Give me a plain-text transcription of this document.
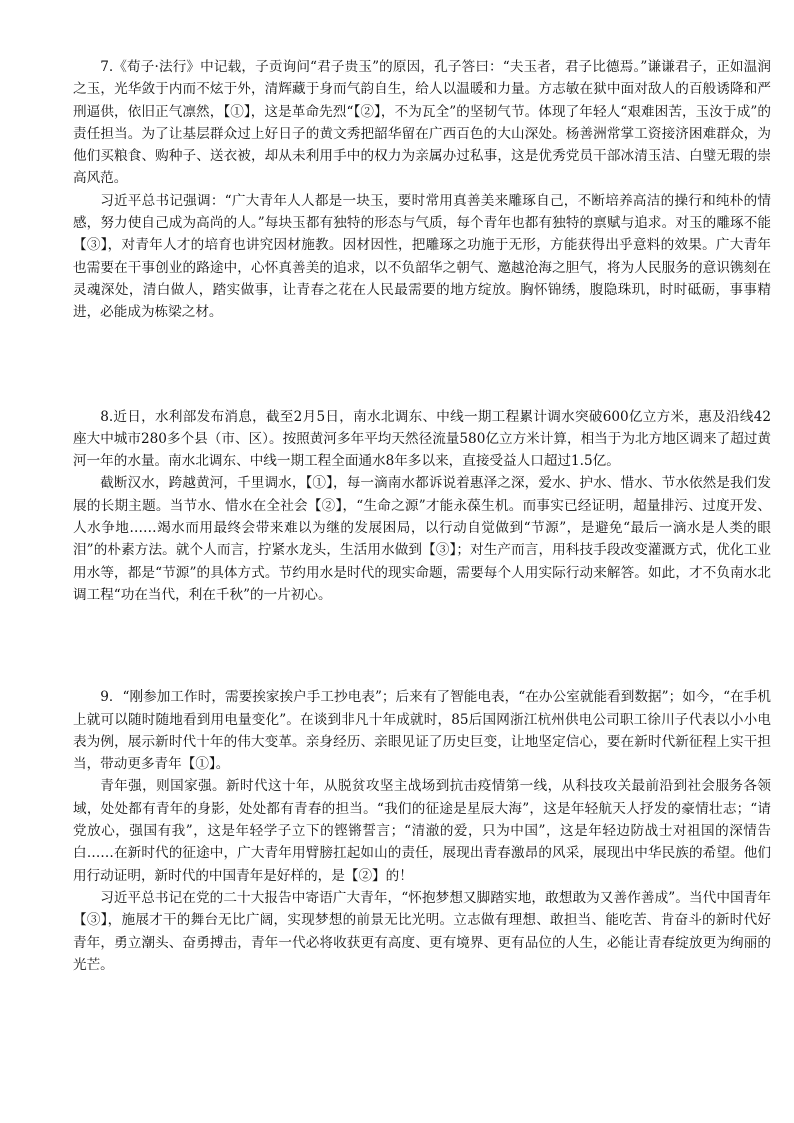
7.《荀子·法行》中记载，子贡询问“君子贵玉”的原因，孔子答曰：“夫玉者，君子比德焉。”谦谦君子，正如温润之玉，光华敛于内而不炫于外，清辉藏于身而气韵自生，给人以温暖和力量。方志敏在狱中面对敌人的百般诱降和严刑逼供，依旧正气凛然，【①】，这是革命先烈“【②】，不为瓦全”的坚韧气节。体现了年轻人“艰难困苦，玉汝于成”的责任担当。为了让基层群众过上好日子的黄文秀把韶华留在广西百色的大山深处。杨善洲常掌工资接济困难群众，为他们买粮食、购种子、送衣被，却从未利用手中的权力为亲属办过私事，这是优秀党员干部冰清玉洁、白璧无瑕的崇高风范。

习近平总书记强调：“广大青年人人都是一块玉，要时常用真善美来雕琢自己，不断培养高洁的操行和纯朴的情感，努力使自己成为高尚的人。”每块玉都有独特的形态与气质，每个青年也都有独特的禀赋与追求。对玉的雕琢不能【③】，对青年人才的培育也讲究因材施教。因材因性，把雕琢之功施于无形，方能获得出乎意料的效果。广大青年也需要在干事创业的路途中，心怀真善美的追求，以不负韶华之朝气、邀越沧海之胆气，将为人民服务的意识镌刻在灵魂深处，清白做人，踏实做事，让青春之花在人民最需要的地方绽放。胸怀锦绣，腹隐珠玑，时时砥砺，事事精进，必能成为栋梁之材。

8.近日，水利部发布消息，截至2月5日，南水北调东、中线一期工程累计调水突破600亿立方米，惠及沿线42座大中城市280多个县（市、区）。按照黄河多年平均天然径流量580亿立方米计算，相当于为北方地区调来了超过黄河一年的水量。南水北调东、中线一期工程全面通水8年多以来，直接受益人口超过1.5亿。

截断汉水，跨越黄河，千里调水，【①】，每一滴南水都诉说着惠泽之深，爱水、护水、惜水、节水依然是我们发展的长期主题。当节水、惜水在全社会【②】，“生命之源”才能永葆生机。而事实已经证明，超量排污、过度开发、人水争地……竭水而用最终会带来难以为继的发展困局，以行动自觉做到“节源”，是避免“最后一滴水是人类的眼泪”的朴素方法。就个人而言，拧紧水龙头，生活用水做到【③】；对生产而言，用科技手段改变灌溉方式，优化工业用水等，都是“节源”的具体方式。节约用水是时代的现实命题，需要每个人用实际行动来解答。如此，才不负南水北调工程“功在当代，利在千秋”的一片初心。

9．“刚参加工作时，需要挨家挨户手工抄电表”；后来有了智能电表，“在办公室就能看到数据”；如今，“在手机上就可以随时随地看到用电量变化”。在谈到非凡十年成就时，85后国网浙江杭州供电公司职工徐川子代表以小小电表为例，展示新时代十年的伟大变革。亲身经历、亲眼见证了历史巨变，让地坚定信心，要在新时代新征程上实干担当，带动更多青年【①】。

青年强，则国家强。新时代这十年，从脱贫攻坚主战场到抗击疫情第一线，从科技攻关最前沿到社会服务各领域，处处都有青年的身影，处处都有青春的担当。“我们的征途是星辰大海”，这是年轻航天人抒发的豪情壮志；“请党放心，强国有我”，这是年轻学子立下的铿锵誓言；“清澈的爱，只为中国”，这是年轻边防战士对祖国的深情告白……在新时代的征途中，广大青年用臂膀扛起如山的责任，展现出青春激昂的风采，展现出中华民族的希望。他们用行动证明，新时代的中国青年是好样的，是【②】的！

习近平总书记在党的二十大报告中寄语广大青年，“怀抱梦想又脚踏实地，敢想敢为又善作善成”。当代中国青年【③】，施展才干的舞台无比广阔，实现梦想的前景无比光明。立志做有理想、敢担当、能吃苦、肯奋斗的新时代好青年，勇立潮头、奋勇搏击，青年一代必将收获更有高度、更有境界、更有品位的人生，必能让青春绽放更为绚丽的光芒。
